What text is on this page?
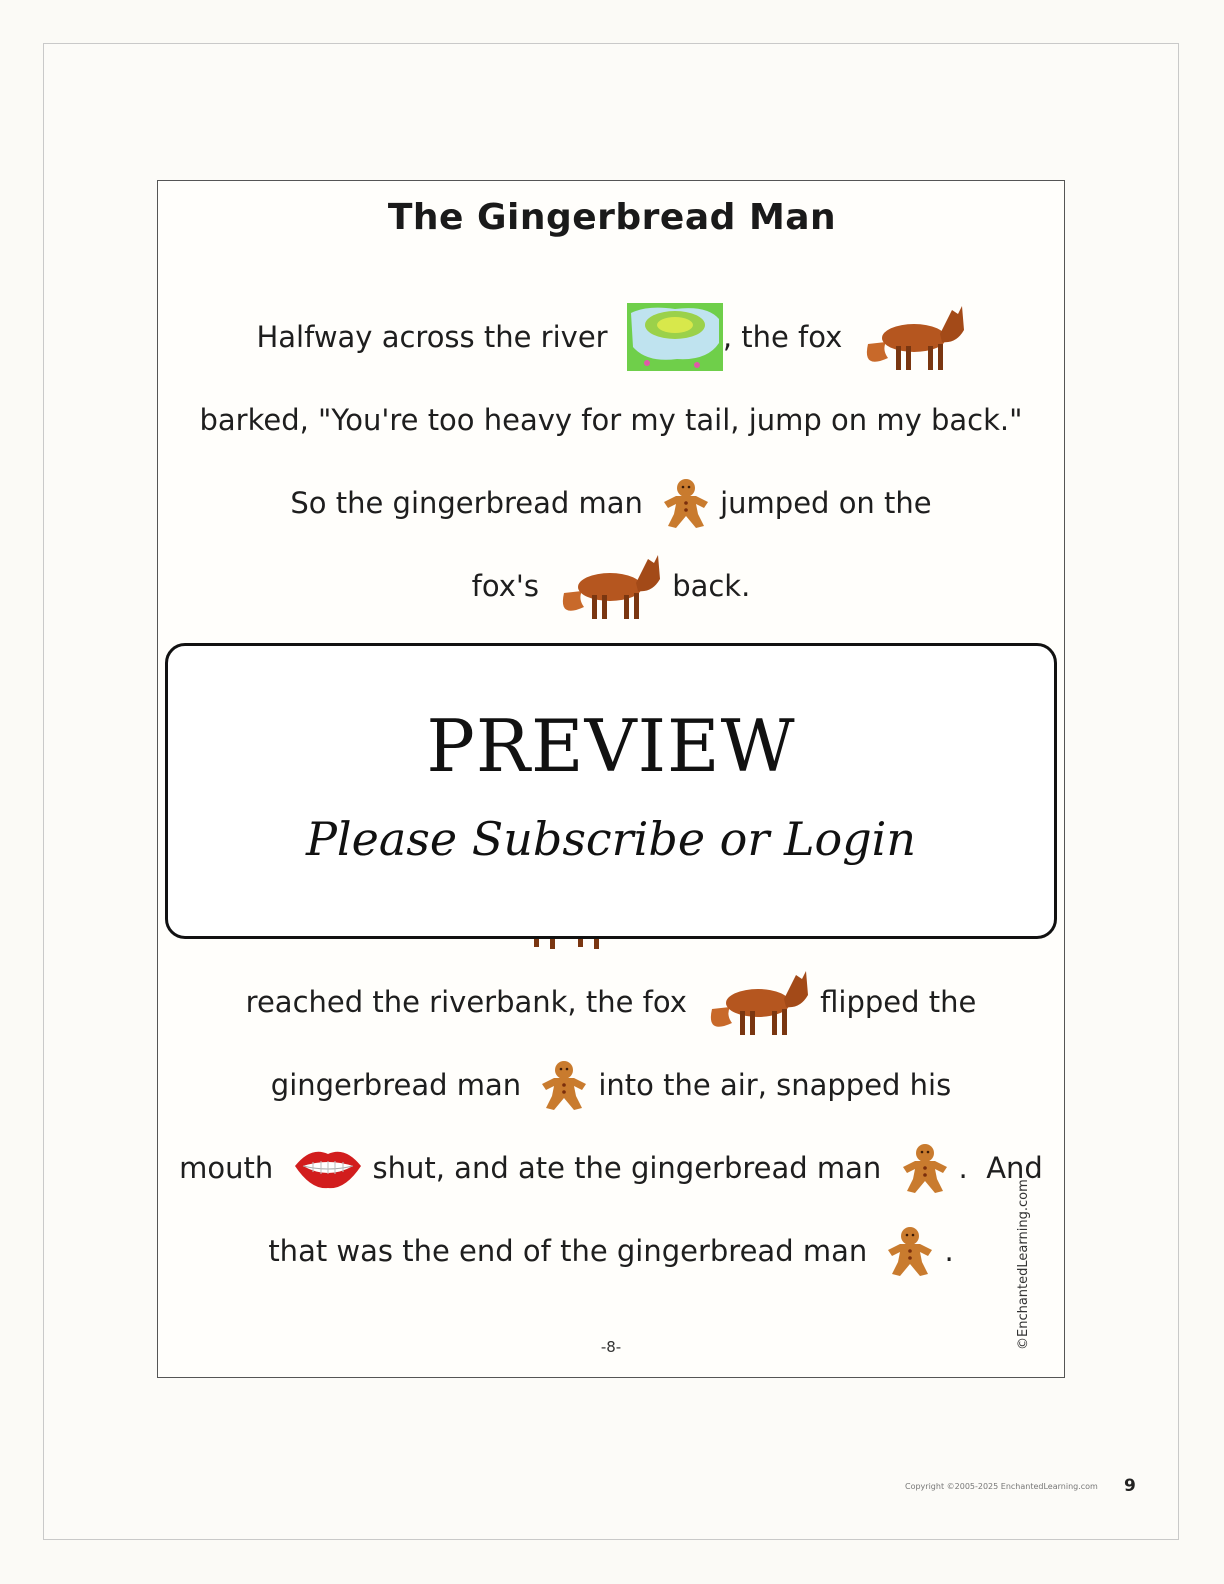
The Gingerbread Man
Halfway across the river	, the fox
barked, "You're too heavy for my tail, jump on my back."
So the gingerbread man	jumped on the
fox's	back.
reached the riverbank, the fox	flipped the
gingerbread man	into the air, snapped his
mouth	shut, and ate the gingerbread man	.  And
that was the end of the gingerbread man	.
-8-	©EnchantedLearning.com
PREVIEW
Please Subscribe or Login
Copyright ©2005-2025 EnchantedLearning.com 9
